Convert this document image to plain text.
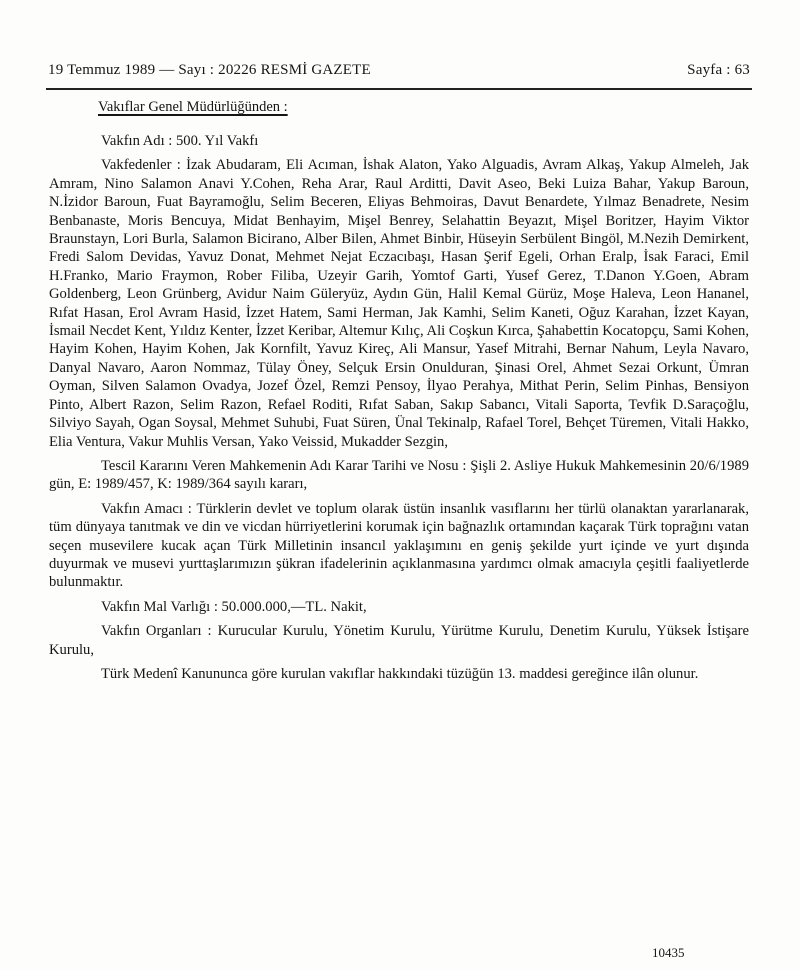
19 Temmuz 1989 — Sayı : 20226 RESMİ GAZETE	Sayfa : 63
Vakıflar Genel Müdürlüğünden :

Vakfın Adı : 500. Yıl Vakfı

Vakfedenler : İzak Abudaram, Eli Acıman, İshak Alaton, Yako Alguadis, Avram Alkaş, Yakup Almeleh, Jak Amram, Nino Salamon Anavi Y.Cohen, Reha Arar, Raul Arditti, Davit Aseo, Beki Luiza Bahar, Yakup Baroun, N.İzidor Baroun, Fuat Bayramoğlu, Selim Beceren, Eliyas Behmoiras, Davut Benardete, Yılmaz Benadrete, Nesim Benbanaste, Moris Bencuya, Midat Benhayim, Mişel Benrey, Selahattin Beyazıt, Mişel Boritzer, Hayim Viktor Braunstayn, Lori Burla, Salamon Bicirano, Alber Bilen, Ahmet Binbir, Hüseyin Serbülent Bingöl, M.Nezih Demirkent, Fredi Salom Devidas, Yavuz Donat, Mehmet Nejat Eczacıbaşı, Hasan Şerif Egeli, Orhan Eralp, İsak Faraci, Emil H.Franko, Mario Fraymon, Rober Filiba, Uzeyir Garih, Yomtof Garti, Yusef Gerez, T.Danon Y.Goen, Abram Goldenberg, Leon Grünberg, Avidur Naim Güleryüz, Aydın Gün, Halil Kemal Gürüz, Moşe Haleva, Leon Hananel, Rıfat Hasan, Erol Avram Hasid, İzzet Hatem, Sami Herman, Jak Kamhi, Selim Kaneti, Oğuz Karahan, İzzet Kayan, İsmail Necdet Kent, Yıldız Kenter, İzzet Keribar, Altemur Kılıç, Ali Coşkun Kırca, Şahabettin Kocatopçu, Sami Kohen, Hayim Kohen, Hayim Kohen, Jak Kornfilt, Yavuz Kireç, Ali Mansur, Yasef Mitrahi, Bernar Nahum, Leyla Navaro, Danyal Navaro, Aaron Nommaz, Tülay Öney, Selçuk Ersin Onulduran, Şinasi Orel, Ahmet Sezai Orkunt, Ümran Oyman, Silven Salamon Ovadya, Jozef Özel, Remzi Pensoy, İlyao Perahya, Mithat Perin, Selim Pinhas, Bensiyon Pinto, Albert Razon, Selim Razon, Refael Roditi, Rıfat Saban, Sakıp Sabancı, Vitali Saporta, Tevfik D.Saraçoğlu, Silviyo Sayah, Ogan Soysal, Mehmet Suhubi, Fuat Süren, Ünal Tekinalp, Rafael Torel, Behçet Türemen, Vitali Hakko, Elia Ventura, Vakur Muhlis Versan, Yako Veissid, Mukadder Sezgin,

Tescil Kararını Veren Mahkemenin Adı Karar Tarihi ve Nosu : Şişli 2. Asliye Hukuk Mahkemesinin 20/6/1989 gün, E: 1989/457, K: 1989/364 sayılı kararı,

Vakfın Amacı : Türklerin devlet ve toplum olarak üstün insanlık vasıflarını her türlü olanaktan yararlanarak, tüm dünyaya tanıtmak ve din ve vicdan hürriyetlerini korumak için bağnazlık ortamından kaçarak Türk toprağını vatan seçen musevilere kucak açan Türk Milletinin insancıl yaklaşımını en geniş şekilde yurt içinde ve yurt dışında duyurmak ve musevi yurttaşlarımızın şükran ifadelerinin açıklanmasına yardımcı olmak amacıyla çeşitli faaliyetlerde bulunmaktır.

Vakfın Mal Varlığı : 50.000.000,—TL. Nakit,

Vakfın Organları : Kurucular Kurulu, Yönetim Kurulu, Yürütme Kurulu, Denetim Kurulu, Yüksek İstişare Kurulu,

Türk Medenî Kanununca göre kurulan vakıflar hakkındaki tüzüğün 13. maddesi gereğince ilân olunur.

10435
